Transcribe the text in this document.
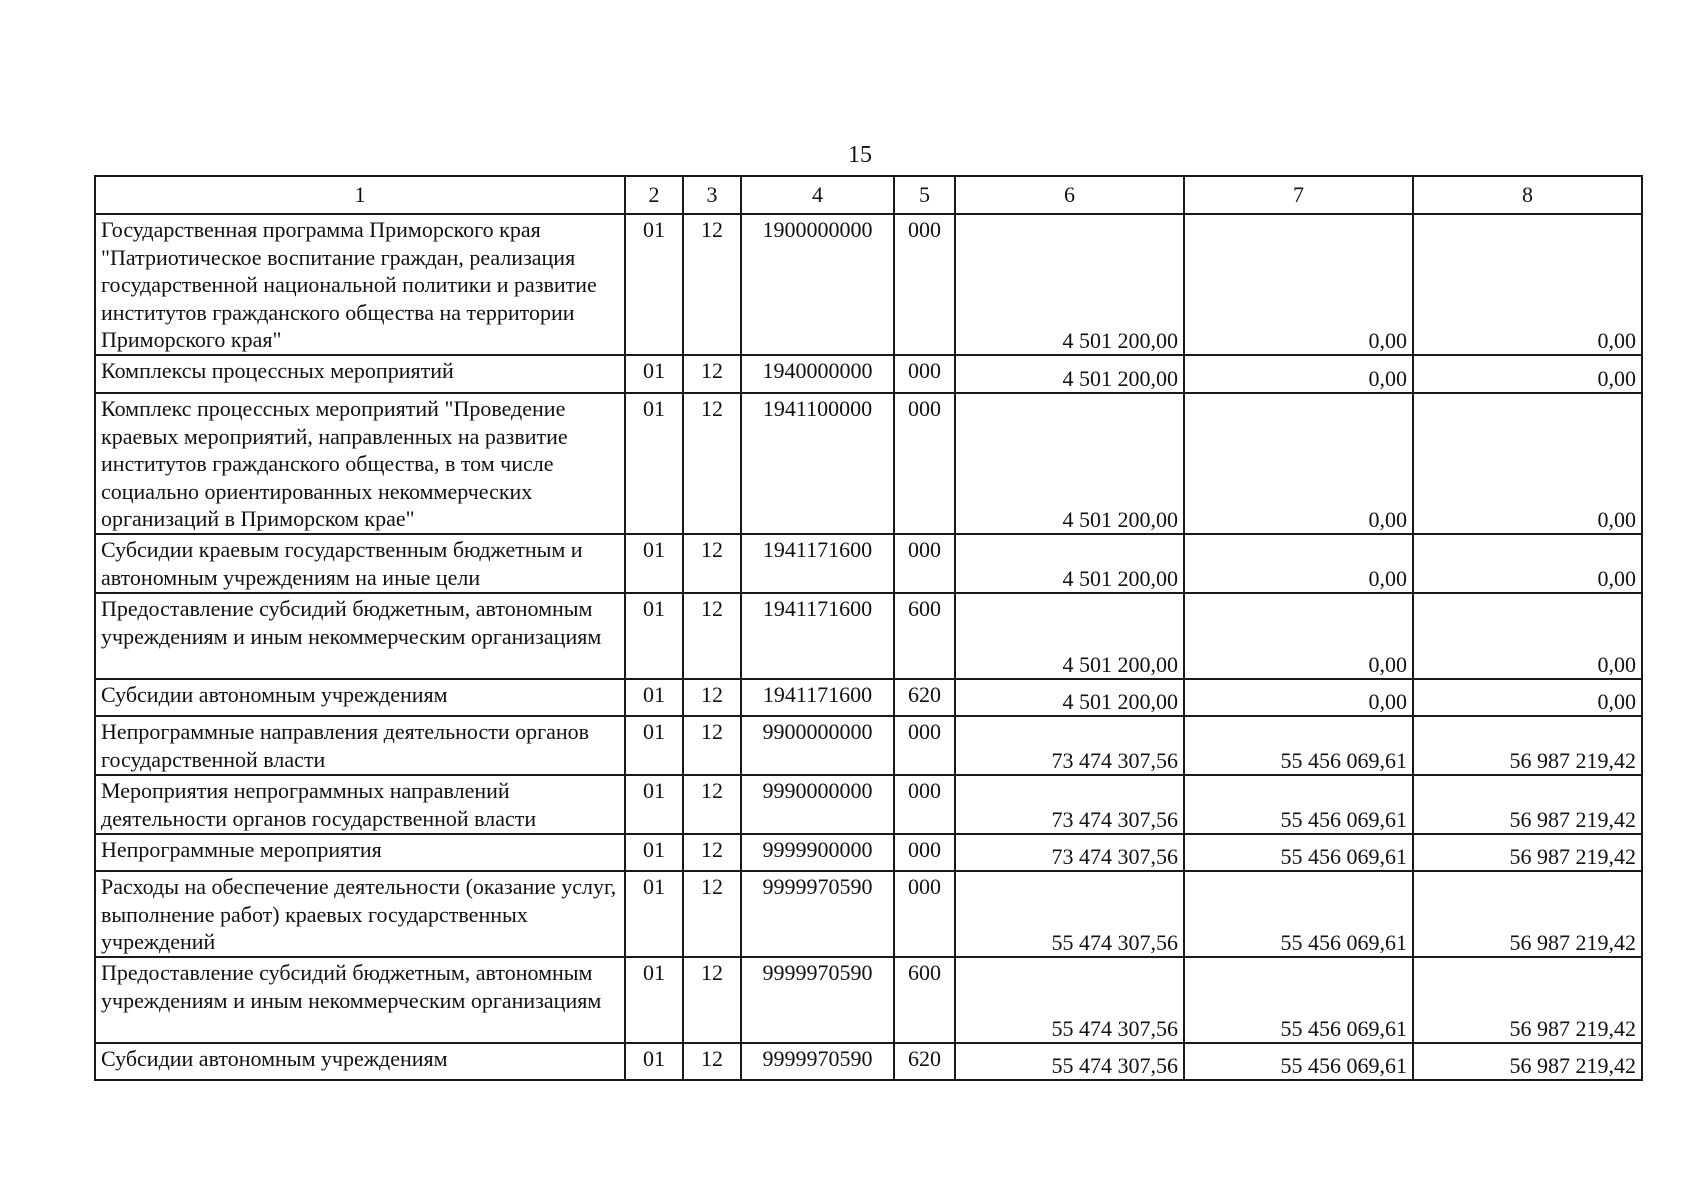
15
1	2	3	4	5	6	7	8
Государственная программа Приморского края "Патриотическое воспитание граждан, реализация государственной национальной политики и развитие институтов гражданского общества на территории Приморского края"	01	12	1900000000	000	4 501 200,00	0,00	0,00
Комплексы процессных мероприятий	01	12	1940000000	000	4 501 200,00	0,00	0,00
Комплекс процессных мероприятий "Проведение краевых мероприятий, направленных на развитие институтов гражданского общества, в том числе социально ориентированных некоммерческих организаций в Приморском крае"	01	12	1941100000	000	4 501 200,00	0,00	0,00
Субсидии краевым государственным бюджетным и автономным учреждениям на иные цели	01	12	1941171600	000	4 501 200,00	0,00	0,00
Предоставление субсидий бюджетным, автономным учреждениям и иным некоммерческим организациям	01	12	1941171600	600	4 501 200,00	0,00	0,00
Субсидии автономным учреждениям	01	12	1941171600	620	4 501 200,00	0,00	0,00
Непрограммные направления деятельности органов государственной власти	01	12	9900000000	000	73 474 307,56	55 456 069,61	56 987 219,42
Мероприятия непрограммных направлений деятельности органов государственной власти	01	12	9990000000	000	73 474 307,56	55 456 069,61	56 987 219,42
Непрограммные мероприятия	01	12	9999900000	000	73 474 307,56	55 456 069,61	56 987 219,42
Расходы на обеспечение деятельности (оказание услуг, выполнение работ) краевых государственных учреждений	01	12	9999970590	000	55 474 307,56	55 456 069,61	56 987 219,42
Предоставление субсидий бюджетным, автономным учреждениям и иным некоммерческим организациям	01	12	9999970590	600	55 474 307,56	55 456 069,61	56 987 219,42
Субсидии автономным учреждениям	01	12	9999970590	620	55 474 307,56	55 456 069,61	56 987 219,42
